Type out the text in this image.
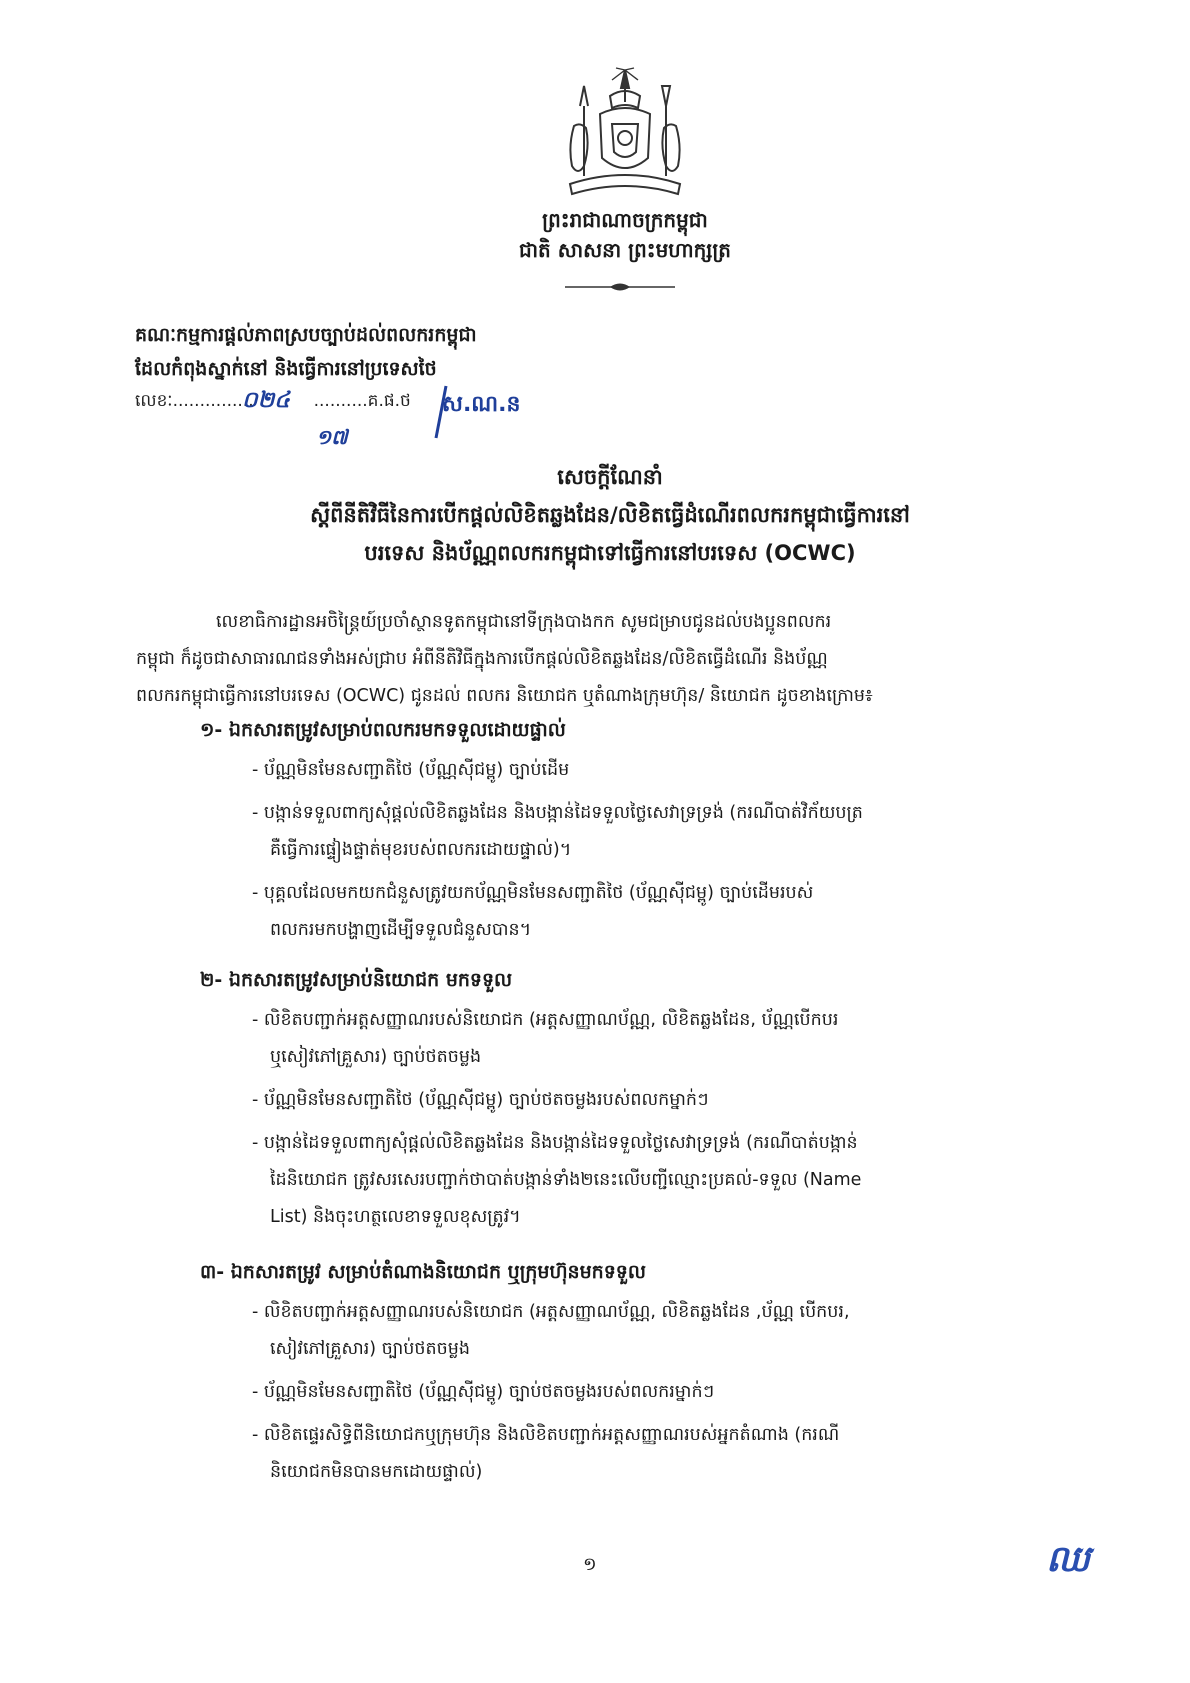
ព្រះរាជាណាចក្រកម្ពុជា
ជាតិ សាសនា ព្រះមហាក្សត្រ
គណៈកម្មការផ្ដល់ភាពស្របច្បាប់ដល់ពលករកម្ពុជា
ដែលកំពុងស្នាក់នៅ និងធ្វើការនៅប្រទេសថៃ
លេខៈ...............	..........គ.ផ.ថ
០២៤	ស.ណ.ន
១៧
សេចក្ដីណែនាំ
ស្ដីពីនីតិវិធីនៃការបើកផ្ដល់លិខិតឆ្លងដែន/លិខិតធ្វើដំណើរពលករកម្ពុជាធ្វើការនៅ
បរទេស និងប័ណ្ណពលករកម្ពុជាទៅធ្វើការនៅបរទេស (OCWC)
លេខាធិការដ្ឋានអចិន្ត្រៃយ៍ប្រចាំស្ថានទូតកម្ពុជានៅទីក្រុងបាងកក សូមជម្រាបជូនដល់បងប្អូនពលករ
កម្ពុជា ក៏ដូចជាសាធារណជនទាំងអស់ជ្រាប អំពីនីតិវិធីក្នុងការបើកផ្ដល់លិខិតឆ្លងដែន/លិខិតធ្វើដំណើរ និងប័ណ្ណ
ពលករកម្ពុជាធ្វើការនៅបរទេស (OCWC) ជូនដល់ ពលករ និយោជក ឬតំណាងក្រុមហ៊ុន/ និយោជក ដូចខាងក្រោម៖
១- ឯកសារតម្រូវសម្រាប់ពលករមកទទួលដោយផ្ទាល់
- ប័ណ្ណមិនមែនសញ្ជាតិថៃ (ប័ណ្ណស៊ីជម្ពូ) ច្បាប់ដើម
- បង្កាន់ទទួលពាក្យសុំផ្ដល់លិខិតឆ្លងដែន និងបង្កាន់ដៃទទួលថ្លៃសេវាទ្រទ្រង់ (ករណីបាត់វិក័យបត្រ
គឺធ្វើការផ្ទៀងផ្ទាត់មុខរបស់ពលករដោយផ្ទាល់)។
- បុគ្គលដែលមកយកជំនួសត្រូវយកប័ណ្ណមិនមែនសញ្ជាតិថៃ (ប័ណ្ណស៊ីជម្ពូ) ច្បាប់ដើមរបស់
ពលករមកបង្ហាញដើម្បីទទួលជំនួសបាន។
២- ឯកសារតម្រូវសម្រាប់និយោជក មកទទួល
- លិខិតបញ្ជាក់អត្តសញ្ញាណរបស់និយោជក (អត្តសញ្ញាណប័ណ្ណ, លិខិតឆ្លងដែន, ប័ណ្ណបើកបរ
ឬសៀវភៅគ្រួសារ) ច្បាប់ថតចម្លង
- ប័ណ្ណមិនមែនសញ្ជាតិថៃ (ប័ណ្ណស៊ីជម្ពូ) ច្បាប់ថតចម្លងរបស់ពលកម្នាក់ៗ
- បង្កាន់ដៃទទួលពាក្យសុំផ្ដល់លិខិតឆ្លងដែន និងបង្កាន់ដៃទទួលថ្លៃសេវាទ្រទ្រង់ (ករណីបាត់បង្កាន់
ដៃនិយោជក ត្រូវសរសេរបញ្ជាក់ថាបាត់បង្កាន់ទាំង២នេះលើបញ្ជីឈ្មោះប្រគល់-ទទួល (Name
List) និងចុះហត្ថលេខាទទួលខុសត្រូវ។
៣- ឯកសារតម្រូវ សម្រាប់តំណាងនិយោជក ឬក្រុមហ៊ុនមកទទួល
- លិខិតបញ្ជាក់អត្តសញ្ញាណរបស់និយោជក (អត្តសញ្ញាណប័ណ្ណ, លិខិតឆ្លងដែន ,ប័ណ្ណ បើកបរ,
សៀវភៅគ្រួសារ) ច្បាប់ថតចម្លង
- ប័ណ្ណមិនមែនសញ្ជាតិថៃ (ប័ណ្ណស៊ីជម្ពូ) ច្បាប់ថតចម្លងរបស់ពលករម្នាក់ៗ
- លិខិតផ្ទេរសិទ្ធិពីនិយោជកឬក្រុមហ៊ុន និងលិខិតបញ្ជាក់អត្តសញ្ញាណរបស់អ្នកតំណាង (ករណី
និយោជកមិនបានមកដោយផ្ទាល់)
១	ឈ
